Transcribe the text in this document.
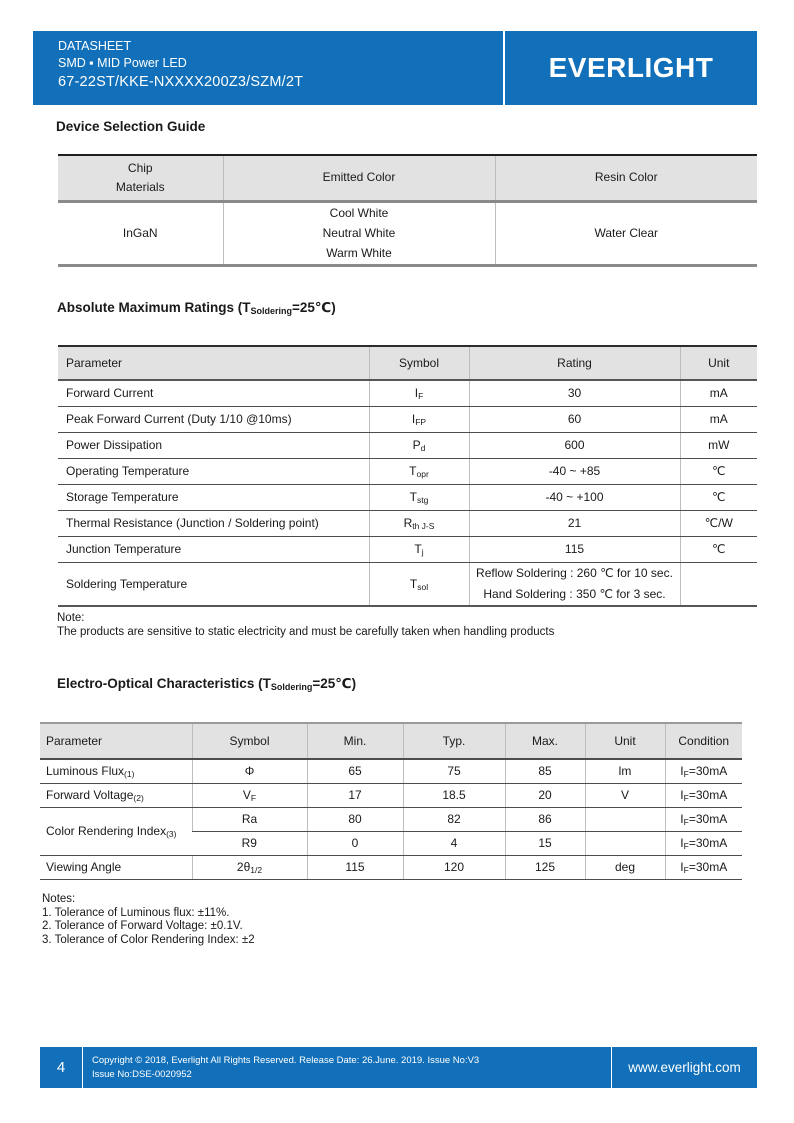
DATASHEET
SMD ▪ MID Power LED
67-22ST/KKE-NXXXX200Z3/SZM/2T	EVERLIGHT
Device Selection Guide
Chip
Materials	Emitted Color	Resin Color
InGaN	Cool White
Neutral White
Warm White	Water Clear
Absolute Maximum Ratings $(T_{Soldering}=25℃)$
Parameter	Symbol	Rating	Unit
Forward Current	$I_F$	30	mA
Peak Forward Current (Duty 1/10 @10ms)	$I_{FP}$	60	mA
Power Dissipation	$P_d$	600	mW
Operating Temperature	$T_{opr}$	-40 ~ +85	℃
Storage Temperature	$T_{stg}$	-40 ~ +100	℃
Thermal Resistance (Junction / Soldering point)	$R_{th J-S}$	21	℃/W
Junction Temperature	$T_j$	115	℃
Soldering Temperature	$T_{sol}$	Reflow Soldering : 260 ℃ for 10 sec.
Hand Soldering : 350 ℃ for 3 sec.	

Note:
The products are sensitive to static electricity and must be carefully taken when handling products
Electro-Optical Characteristics $(T_{Soldering}=25℃)$
Parameter	Symbol	Min.	Typ.	Max.	Unit	Condition
Luminous Flux(1)	Φ	65	75	85	lm	$I_F=30mA$
Forward Voltage(2)	$V_F$	17	18.5	20	V	$I_F=30mA$
Color Rendering Index(3)	Ra	80	82	86		$I_F=30mA$
	R9	0	4	15		$I_F=30mA$
Viewing Angle	$2\theta_{1/2}$	115	120	125	deg	$I_F=30mA$
Notes:
1. Tolerance of Luminous flux: ±11%.
2. Tolerance of Forward Voltage: ±0.1V.
3. Tolerance of Color Rendering Index: ±2
4	Copyright © 2018, Everlight All Rights Reserved. Release Date: 26.June. 2019. Issue No:V3
Issue No:DSE-0020952	www.everlight.com
